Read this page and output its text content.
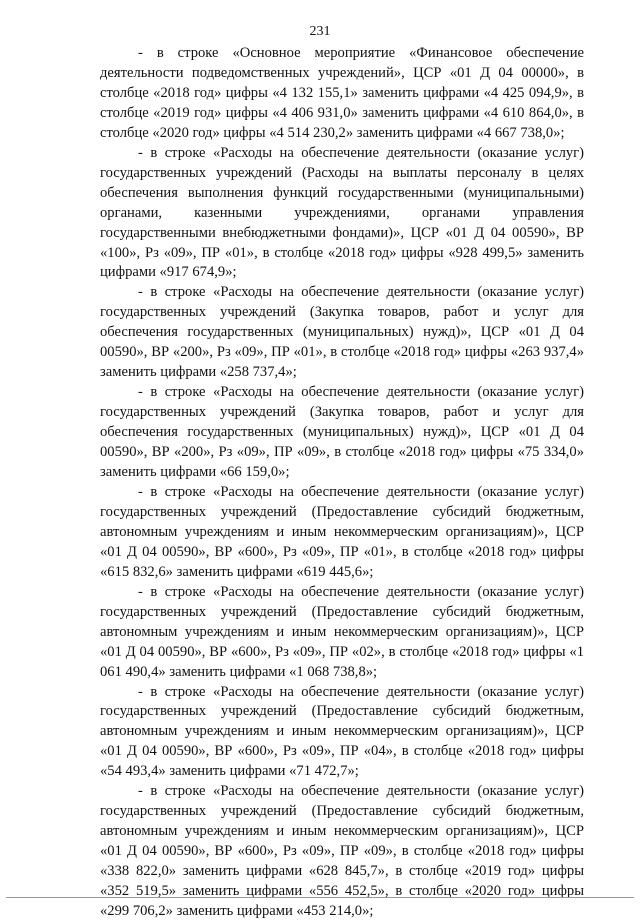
231

- в строке «Основное мероприятие «Финансовое обеспечение деятельности подведомственных учреждений», ЦСР «01 Д 04 00000», в столбце «2018 год» цифры «4 132 155,1» заменить цифрами «4 425 094,9», в столбце «2019 год» цифры «4 406 931,0» заменить цифрами «4 610 864,0», в столбце «2020 год» цифры «4 514 230,2» заменить цифрами «4 667 738,0»;

- в строке «Расходы на обеспечение деятельности (оказание услуг) государственных учреждений (Расходы на выплаты персоналу в целях обеспечения выполнения функций государственными (муниципальными) органами, казенными учреждениями, органами управления государственными внебюджетными фондами)», ЦСР «01 Д 04 00590», ВР «100», Рз «09», ПР «01», в столбце «2018 год» цифры «928 499,5» заменить цифрами «917 674,9»;

- в строке «Расходы на обеспечение деятельности (оказание услуг) государственных учреждений (Закупка товаров, работ и услуг для обеспечения государственных (муниципальных) нужд)», ЦСР «01 Д 04 00590», ВР «200», Рз «09», ПР «01», в столбце «2018 год» цифры «263 937,4» заменить цифрами «258 737,4»;

- в строке «Расходы на обеспечение деятельности (оказание услуг) государственных учреждений (Закупка товаров, работ и услуг для обеспечения государственных (муниципальных) нужд)», ЦСР «01 Д 04 00590», ВР «200», Рз «09», ПР «09», в столбце «2018 год» цифры «75 334,0» заменить цифрами «66 159,0»;

- в строке «Расходы на обеспечение деятельности (оказание услуг) государственных учреждений (Предоставление субсидий бюджетным, автономным учреждениям и иным некоммерческим организациям)», ЦСР «01 Д 04 00590», ВР «600», Рз «09», ПР «01», в столбце «2018 год» цифры «615 832,6» заменить цифрами «619 445,6»;

- в строке «Расходы на обеспечение деятельности (оказание услуг) государственных учреждений (Предоставление субсидий бюджетным, автономным учреждениям и иным некоммерческим организациям)», ЦСР «01 Д 04 00590», ВР «600», Рз «09», ПР «02», в столбце «2018 год» цифры «1 061 490,4» заменить цифрами «1 068 738,8»;

- в строке «Расходы на обеспечение деятельности (оказание услуг) государственных учреждений (Предоставление субсидий бюджетным, автономным учреждениям и иным некоммерческим организациям)», ЦСР «01 Д 04 00590», ВР «600», Рз «09», ПР «04», в столбце «2018 год» цифры «54 493,4» заменить цифрами «71 472,7»;

- в строке «Расходы на обеспечение деятельности (оказание услуг) государственных учреждений (Предоставление субсидий бюджетным, автономным учреждениям и иным некоммерческим организациям)», ЦСР «01 Д 04 00590», ВР «600», Рз «09», ПР «09», в столбце «2018 год» цифры «338 822,0» заменить цифрами «628 845,7», в столбце «2019 год» цифры «352 519,5» заменить цифрами «556 452,5», в столбце «2020 год» цифры «299 706,2» заменить цифрами «453 214,0»;
